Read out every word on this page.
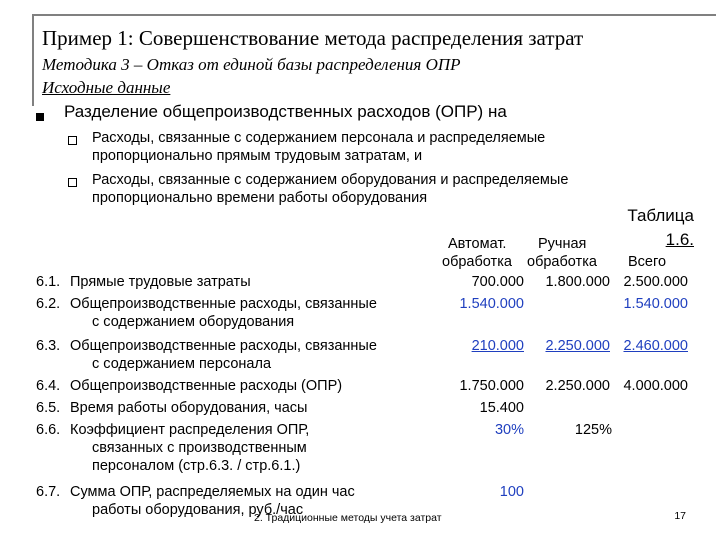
Пример 1: Совершенствование метода распределения затрат
Методика 3 – Отказ от единой базы распределения ОПР
Исходные данные
Разделение общепроизводственных расходов (ОПР) на
Расходы, связанные с содержанием персонала и распределяемые
пропорционально прямым трудовым затратам, и
Расходы, связанные с содержанием оборудования и распределяемые
пропорционально времени работы оборудования
Таблица
1.6.
Автомат. Ручная
обработка обработка Всего
6.1. Прямые трудовые затраты	700.000 1.800.000 2.500.000
6.2. Общепроизводственные расходы, связанные
с содержанием оборудования
1.540.000	1.540.000
6.3. Общепроизводственные расходы, связанные
с содержанием персонала
210.000 2.250.000 2.460.000
6.4. Общепроизводственные расходы (ОПР)	1.750.000 2.250.000 4.000.000
6.5. Время работы оборудования, часы	15.400
6.6. Коэффициент распределения ОПР,
связанных с производственным
персоналом (стр.6.3. / стр.6.1.)
30%	125%
6.7. Сумма ОПР, распределяемых на один час
работы оборудования, руб./час
100
2. Традиционные методы учета затрат	17
